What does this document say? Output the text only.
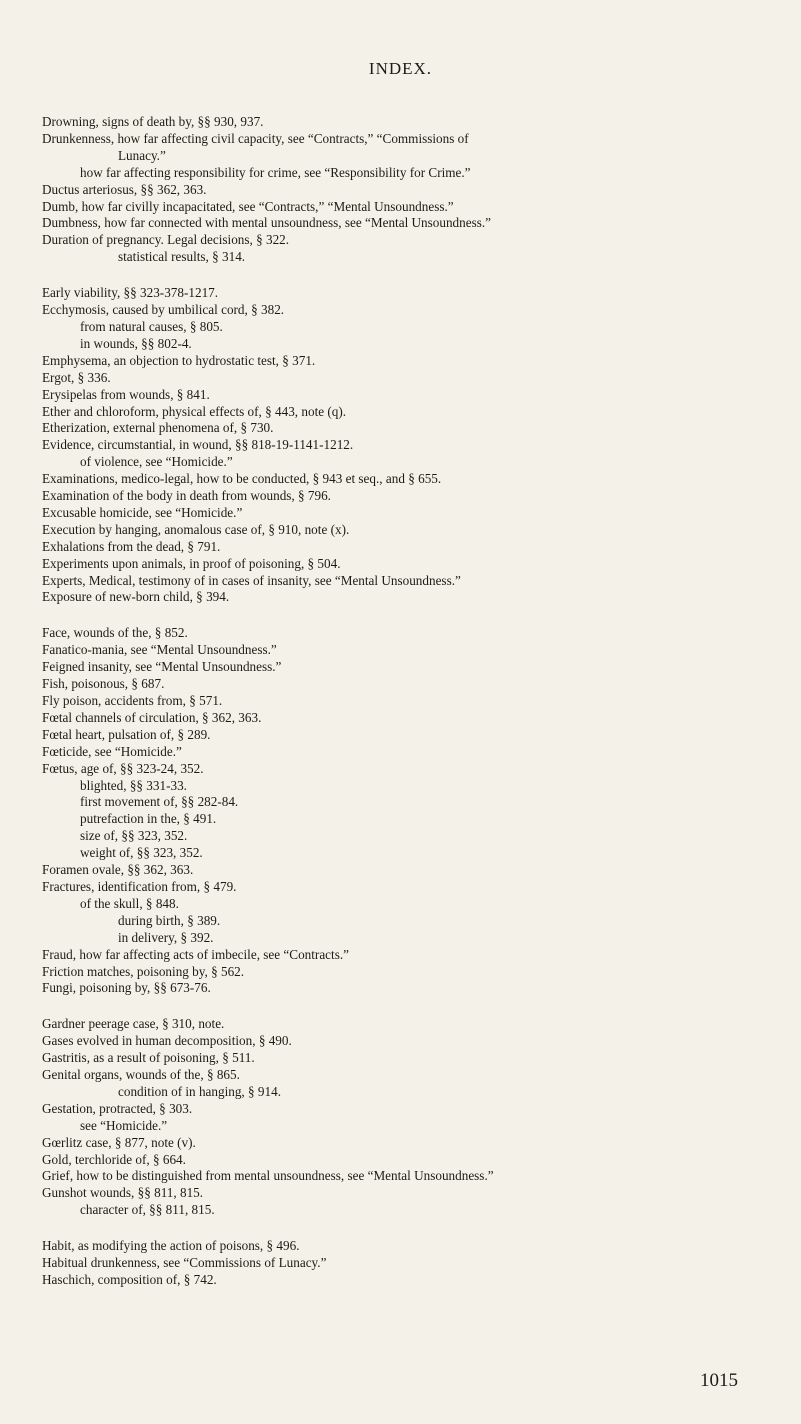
INDEX.
Drowning, signs of death by, §§ 930, 937.
Drunkenness, how far affecting civil capacity, see “Contracts,” “Commissions of
Lunacy.”
how far affecting responsibility for crime, see “Responsibility for Crime.”
Ductus arteriosus, §§ 362, 363.
Dumb, how far civilly incapacitated, see “Contracts,” “Mental Unsoundness.”
Dumbness, how far connected with mental unsoundness, see “Mental Unsoundness.”
Duration of pregnancy. Legal decisions, § 322.
statistical results, § 314.
Early viability, §§ 323-378-1217.
Ecchymosis, caused by umbilical cord, § 382.
from natural causes, § 805.
in wounds, §§ 802-4.
Emphysema, an objection to hydrostatic test, § 371.
Ergot, § 336.
Erysipelas from wounds, § 841.
Ether and chloroform, physical effects of, § 443, note (q).
Etherization, external phenomena of, § 730.
Evidence, circumstantial, in wound, §§ 818-19-1141-1212.
of violence, see “Homicide.”
Examinations, medico-legal, how to be conducted, § 943 et seq., and § 655.
Examination of the body in death from wounds, § 796.
Excusable homicide, see “Homicide.”
Execution by hanging, anomalous case of, § 910, note (x).
Exhalations from the dead, § 791.
Experiments upon animals, in proof of poisoning, § 504.
Experts, Medical, testimony of in cases of insanity, see “Mental Unsoundness.”
Exposure of new-born child, § 394.
Face, wounds of the, § 852.
Fanatico-mania, see “Mental Unsoundness.”
Feigned insanity, see “Mental Unsoundness.”
Fish, poisonous, § 687.
Fly poison, accidents from, § 571.
Fœtal channels of circulation, § 362, 363.
Fœtal heart, pulsation of, § 289.
Fœticide, see “Homicide.”
Fœtus, age of, §§ 323-24, 352.
blighted, §§ 331-33.
first movement of, §§ 282-84.
putrefaction in the, § 491.
size of, §§ 323, 352.
weight of, §§ 323, 352.
Foramen ovale, §§ 362, 363.
Fractures, identification from, § 479.
of the skull, § 848.
during birth, § 389.
in delivery, § 392.
Fraud, how far affecting acts of imbecile, see “Contracts.”
Friction matches, poisoning by, § 562.
Fungi, poisoning by, §§ 673-76.
Gardner peerage case, § 310, note.
Gases evolved in human decomposition, § 490.
Gastritis, as a result of poisoning, § 511.
Genital organs, wounds of the, § 865.
condition of in hanging, § 914.
Gestation, protracted, § 303.
see “Homicide.”
Gœrlitz case, § 877, note (v).
Gold, terchloride of, § 664.
Grief, how to be distinguished from mental unsoundness, see “Mental Unsoundness.”
Gunshot wounds, §§ 811, 815.
character of, §§ 811, 815.
Habit, as modifying the action of poisons, § 496.
Habitual drunkenness, see “Commissions of Lunacy.”
Haschich, composition of, § 742.
1015
